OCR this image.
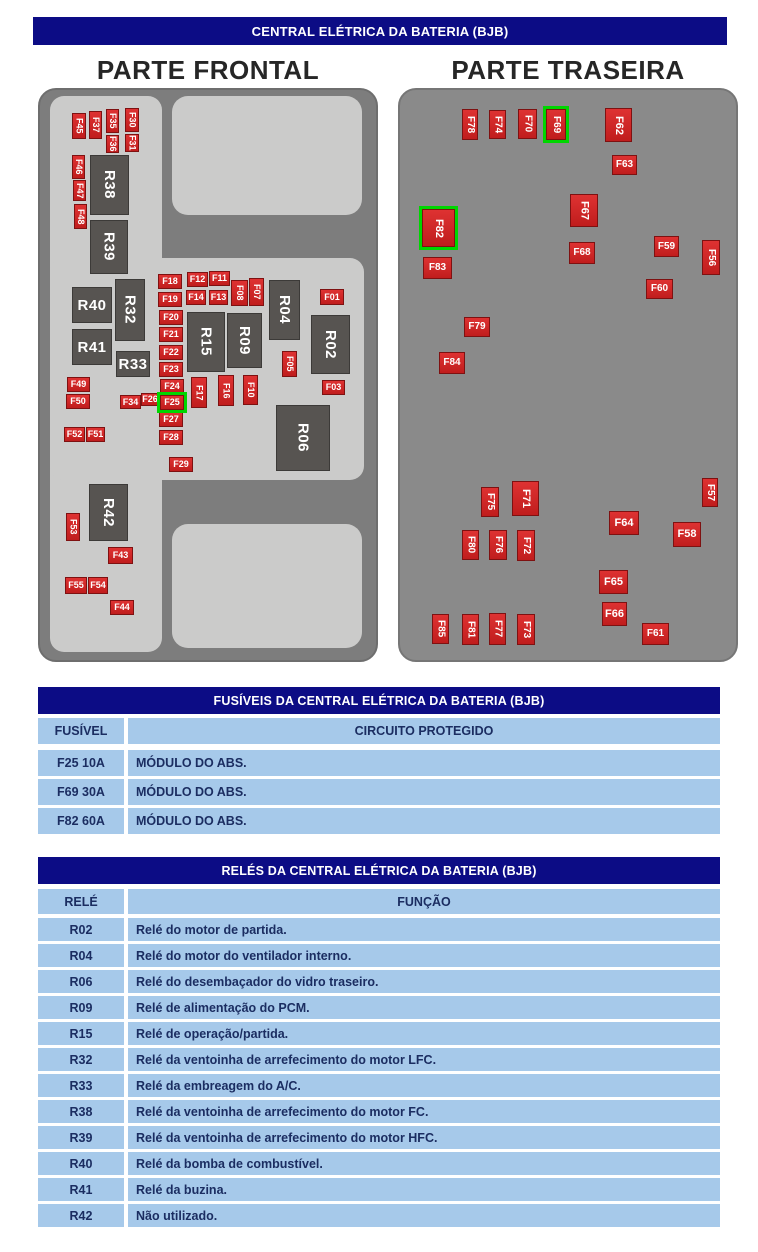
CENTRAL ELÉTRICA DA BATERIA (BJB)
PARTE FRONTAL	PARTE TRASEIRA
R38
R39
R40 R32
R41
R33
R15 R09
R04
R02
R06
R42
F45 F37 F35
F36
F30
F31
F46
F47
F48
F18
F19
F20
F21
F22
F23
F24
F25
F26
F27
F28
F29
F12 F11
F14 F13 F08 F07	F01
F05
F17 F16 F10	F03
F49
F50	F34
F52 F51
F53
F43
F55 F54
F44
F78 F74 F70 F69	F62
F63
F67
F82
F83
F68
F59
F56
F60
F79
F84
F57
F75 F71
F64
F58
F80 F76 F72
F65
F66
F61
F85 F81 F77 F73
FUSÍVEIS DA CENTRAL ELÉTRICA DA BATERIA (BJB)
FUSÍVEL	CIRCUITO PROTEGIDO
F25 10A	MÓDULO DO ABS.
F69 30A	MÓDULO DO ABS.
F82 60A	MÓDULO DO ABS.
RELÉS DA CENTRAL ELÉTRICA DA BATERIA (BJB)
RELÉ	FUNÇÃO
R02	Relé do motor de partida.
R04	Relé do motor do ventilador interno.
R06	Relé do desembaçador do vidro traseiro.
R09	Relé de alimentação do PCM.
R15	Relé de operação/partida.
R32	Relé da ventoinha de arrefecimento do motor LFC.
R33	Relé da embreagem do A/C.
R38	Relé da ventoinha de arrefecimento do motor FC.
R39	Relé da ventoinha de arrefecimento do motor HFC.
R40	Relé da bomba de combustível.
R41	Relé da buzina.
R42	Não utilizado.
